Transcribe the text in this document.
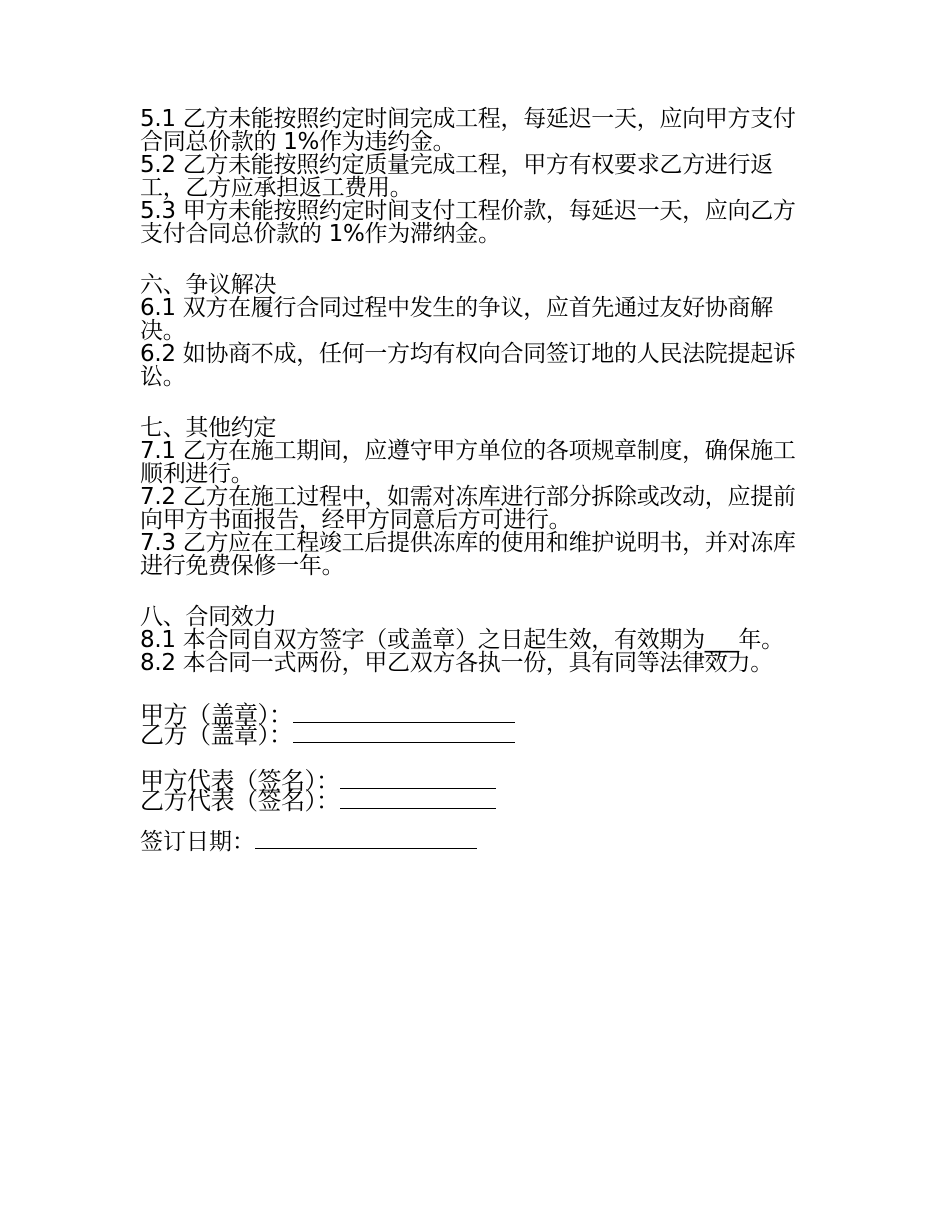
5.1 乙方未能按照约定时间完成工程，每延迟一天，应向甲方支付合同总价款的 1%作为违约金。

5.2 乙方未能按照约定质量完成工程，甲方有权要求乙方进行返工，乙方应承担返工费用。

5.3 甲方未能按照约定时间支付工程价款，每延迟一天，应向乙方支付合同总价款的 1%作为滞纳金。

六、争议解决

6.1 双方在履行合同过程中发生的争议，应首先通过友好协商解决。

6.2 如协商不成，任何一方均有权向合同签订地的人民法院提起诉讼。

七、其他约定

7.1 乙方在施工期间，应遵守甲方单位的各项规章制度，确保施工顺利进行。

7.2 乙方在施工过程中，如需对冻库进行部分拆除或改动，应提前向甲方书面报告，经甲方同意后方可进行。

7.3 乙方应在工程竣工后提供冻库的使用和维护说明书，并对冻库进行免费保修一年。

八、合同效力

8.1 本合同自双方签字（或盖章）之日起生效，有效期为___年。

8.2 本合同一式两份，甲乙双方各执一份，具有同等法律效力。

甲方（盖章）：

乙方（盖章）：

甲方代表（签名）：

乙方代表（签名）：

签订日期：
